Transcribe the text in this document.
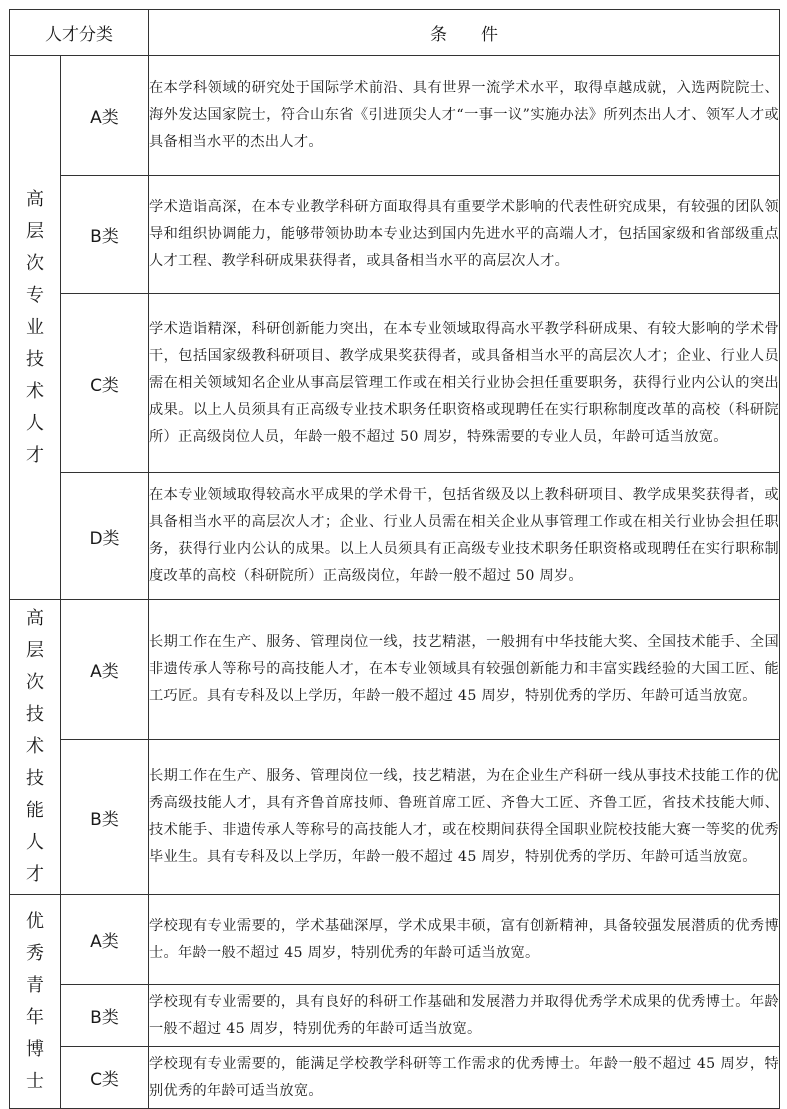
人才分类		条　　件
高层次专业技术人才	A类	在本学科领域的研究处于国际学术前沿、具有世界一流学术水平，取得卓越成就，入选两院院士、海外发达国家院士，符合山东省《引进顶尖人才“一事一议”实施办法》所列杰出人才、领军人才或具备相当水平的杰出人才。
	B类	学术造诣高深，在本专业教学科研方面取得具有重要学术影响的代表性研究成果，有较强的团队领导和组织协调能力，能够带领协助本专业达到国内先进水平的高端人才，包括国家级和省部级重点人才工程、教学科研成果获得者，或具备相当水平的高层次人才。
	C类	学术造诣精深，科研创新能力突出，在本专业领域取得高水平教学科研成果、有较大影响的学术骨干，包括国家级教科研项目、教学成果奖获得者，或具备相当水平的高层次人才；企业、行业人员需在相关领域知名企业从事高层管理工作或在相关行业协会担任重要职务，获得行业内公认的突出成果。以上人员须具有正高级专业技术职务任职资格或现聘任在实行职称制度改革的高校（科研院所）正高级岗位人员，年龄一般不超过 50 周岁，特殊需要的专业人员，年龄可适当放宽。
	D类	在本专业领域取得较高水平成果的学术骨干，包括省级及以上教科研项目、教学成果奖获得者，或具备相当水平的高层次人才；企业、行业人员需在相关企业从事管理工作或在相关行业协会担任职务，获得行业内公认的成果。以上人员须具有正高级专业技术职务任职资格或现聘任在实行职称制度改革的高校（科研院所）正高级岗位，年龄一般不超过 50 周岁。
高层次技术技能人才	A类	长期工作在生产、服务、管理岗位一线，技艺精湛，一般拥有中华技能大奖、全国技术能手、全国非遗传承人等称号的高技能人才，在本专业领域具有较强创新能力和丰富实践经验的大国工匠、能工巧匠。具有专科及以上学历，年龄一般不超过 45 周岁，特别优秀的学历、年龄可适当放宽。
	B类	长期工作在生产、服务、管理岗位一线，技艺精湛，为在企业生产科研一线从事技术技能工作的优秀高级技能人才，具有齐鲁首席技师、鲁班首席工匠、齐鲁大工匠、齐鲁工匠，省技术技能大师、技术能手、非遗传承人等称号的高技能人才，或在校期间获得全国职业院校技能大赛一等奖的优秀毕业生。具有专科及以上学历，年龄一般不超过 45 周岁，特别优秀的学历、年龄可适当放宽。
优秀青年博士	A类	学校现有专业需要的，学术基础深厚，学术成果丰硕，富有创新精神，具备较强发展潜质的优秀博士。年龄一般不超过 45 周岁，特别优秀的年龄可适当放宽。
	B类	学校现有专业需要的，具有良好的科研工作基础和发展潜力并取得优秀学术成果的优秀博士。年龄一般不超过 45 周岁，特别优秀的年龄可适当放宽。
	C类	学校现有专业需要的，能满足学校教学科研等工作需求的优秀博士。年龄一般不超过 45 周岁，特别优秀的年龄可适当放宽。
